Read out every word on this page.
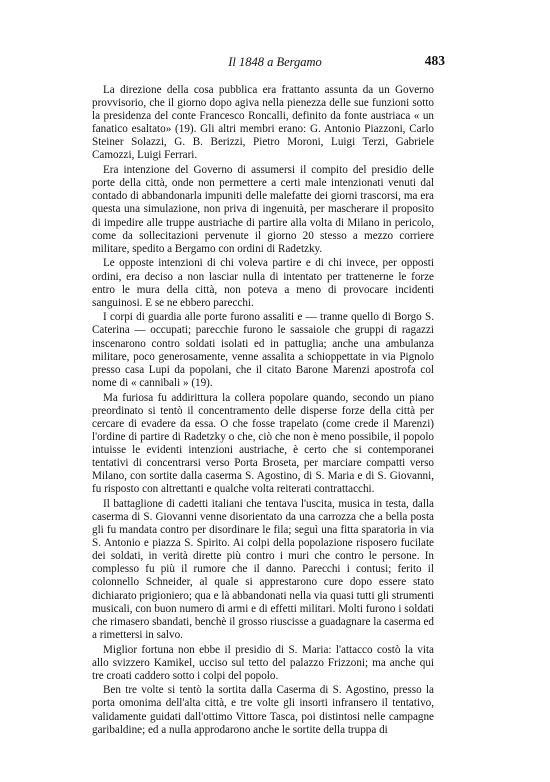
Il 1848 a Bergamo	483

La direzione della cosa pubblica era frattanto assunta da un Governo provvisorio, che il giorno dopo agiva nella pienezza delle sue funzioni sotto la presidenza del conte Francesco Roncalli, definito da fonte austriaca « un fanatico esaltato» (19). Gli altri membri erano: G. Antonio Piazzoni, Carlo Steiner Solazzi, G. B. Berizzi, Pietro Moroni, Luigi Terzi, Gabriele Camozzi, Luigi Ferrari.

Era intenzione del Governo di assumersi il compito del presidio delle porte della città, onde non permettere a certi male intenzionati venuti dal contado di abbandonarla impuniti delle malefatte dei giorni trascorsi, ma era questa una simulazione, non priva di ingenuità, per mascherare il proposito di impedire alle truppe austriache di partire alla volta di Milano in pericolo, come da sollecitazioni pervenute il giorno 20 stesso a mezzo corriere militare, spedito a Bergamo con ordini di Radetzky.

Le opposte intenzioni di chi voleva partire e di chi invece, per opposti ordini, era deciso a non lasciar nulla di intentato per trattenerne le forze entro le mura della città, non poteva a meno di provocare incidenti sanguinosi. E se ne ebbero parecchi.

I corpi di guardia alle porte furono assaliti e — tranne quello di Borgo S. Caterina — occupati; parecchie furono le sassaiole che gruppi di ragazzi inscenarono contro soldati isolati ed in pattuglia; anche una ambulanza militare, poco generosamente, venne assalita a schioppettate in via Pignolo presso casa Lupi da popolani, che il citato Barone Marenzi apostrofa col nome di « cannibali » (19).

Ma furiosa fu addirittura la collera popolare quando, secondo un piano preordinato si tentò il concentramento delle disperse forze della città per cercare di evadere da essa. O che fosse trapelato (come crede il Marenzi) l'ordine di partire di Radetzky o che, ciò che non è meno possibile, il popolo intuisse le evidenti intenzioni austriache, è certo che si contemporanei tentativi di concentrarsi verso Porta Broseta, per marciare compatti verso Milano, con sortite dalla caserma S. Agostino, di S. Maria e di S. Giovanni, fu risposto con altrettanti e qualche volta reiterati contrattacchi.

Il battaglione di cadetti italiani che tentava l'uscita, musica in testa, dalla caserma di S. Giovanni venne disorientato da una carrozza che a bella posta gli fu mandata contro per disordinare le fila; seguì una fitta sparatoria in via S. Antonio e piazza S. Spirito. Ai colpi della popolazione risposero fucilate dei soldati, in verità dirette più contro i muri che contro le persone. In complesso fu più il rumore che il danno. Parecchi i contusi; ferito il colonnello Schneider, al quale si apprestarono cure dopo essere stato dichiarato prigioniero; qua e là abbandonati nella via quasi tutti gli strumenti musicali, con buon numero di armi e di effetti militari. Molti furono i soldati che rimasero sbandati, benchè il grosso riuscisse a guadagnare la caserma ed a rimettersi in salvo.

Miglior fortuna non ebbe il presidio di S. Maria: l'attacco costò la vita allo svizzero Kamikel, ucciso sul tetto del palazzo Frizzoni; ma anche qui tre croati caddero sotto i colpi del popolo.

Ben tre volte si tentò la sortita dalla Caserma di S. Agostino, presso la porta omonima dell'alta città, e tre volte gli insorti infransero il tentativo, validamente guidati dall'ottimo Vittore Tasca, poi distintosi nelle campagne garibaldine; ed a nulla approdarono anche le sortite della truppa di
